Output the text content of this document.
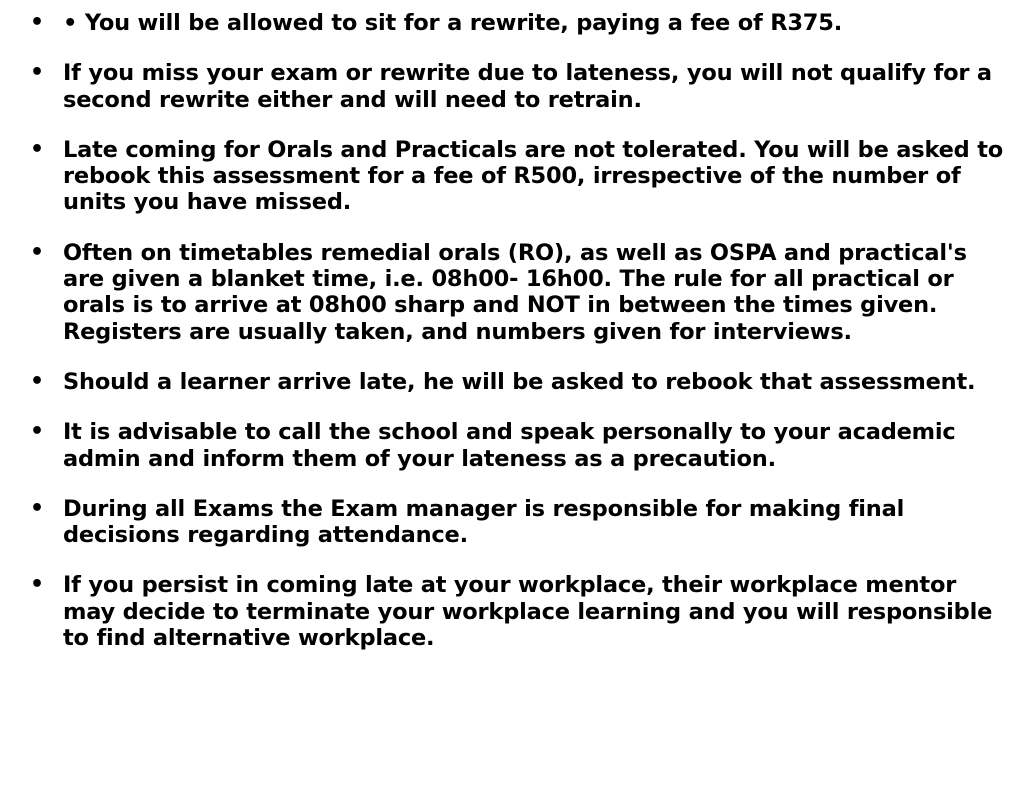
• • You will be allowed to sit for a rewrite, paying a fee of R375.
• If you miss your exam or rewrite due to lateness, you will not qualify for a second rewrite either and will need to retrain.
• Late coming for Orals and Practicals are not tolerated. You will be asked to rebook this assessment for a fee of R500, irrespective of the number of units you have missed.
• Often on timetables remedial orals (RO), as well as OSPA and practical's are given a blanket time, i.e. 08h00- 16h00. The rule for all practical or orals is to arrive at 08h00 sharp and NOT in between the times given. Registers are usually taken, and numbers given for interviews.
• Should a learner arrive late, he will be asked to rebook that assessment.
• It is advisable to call the school and speak personally to your academic admin and inform them of your lateness as a precaution.
• During all Exams the Exam manager is responsible for making final decisions regarding attendance.
• If you persist in coming late at your workplace, their workplace mentor may decide to terminate your workplace learning and you will responsible to find alternative workplace.
